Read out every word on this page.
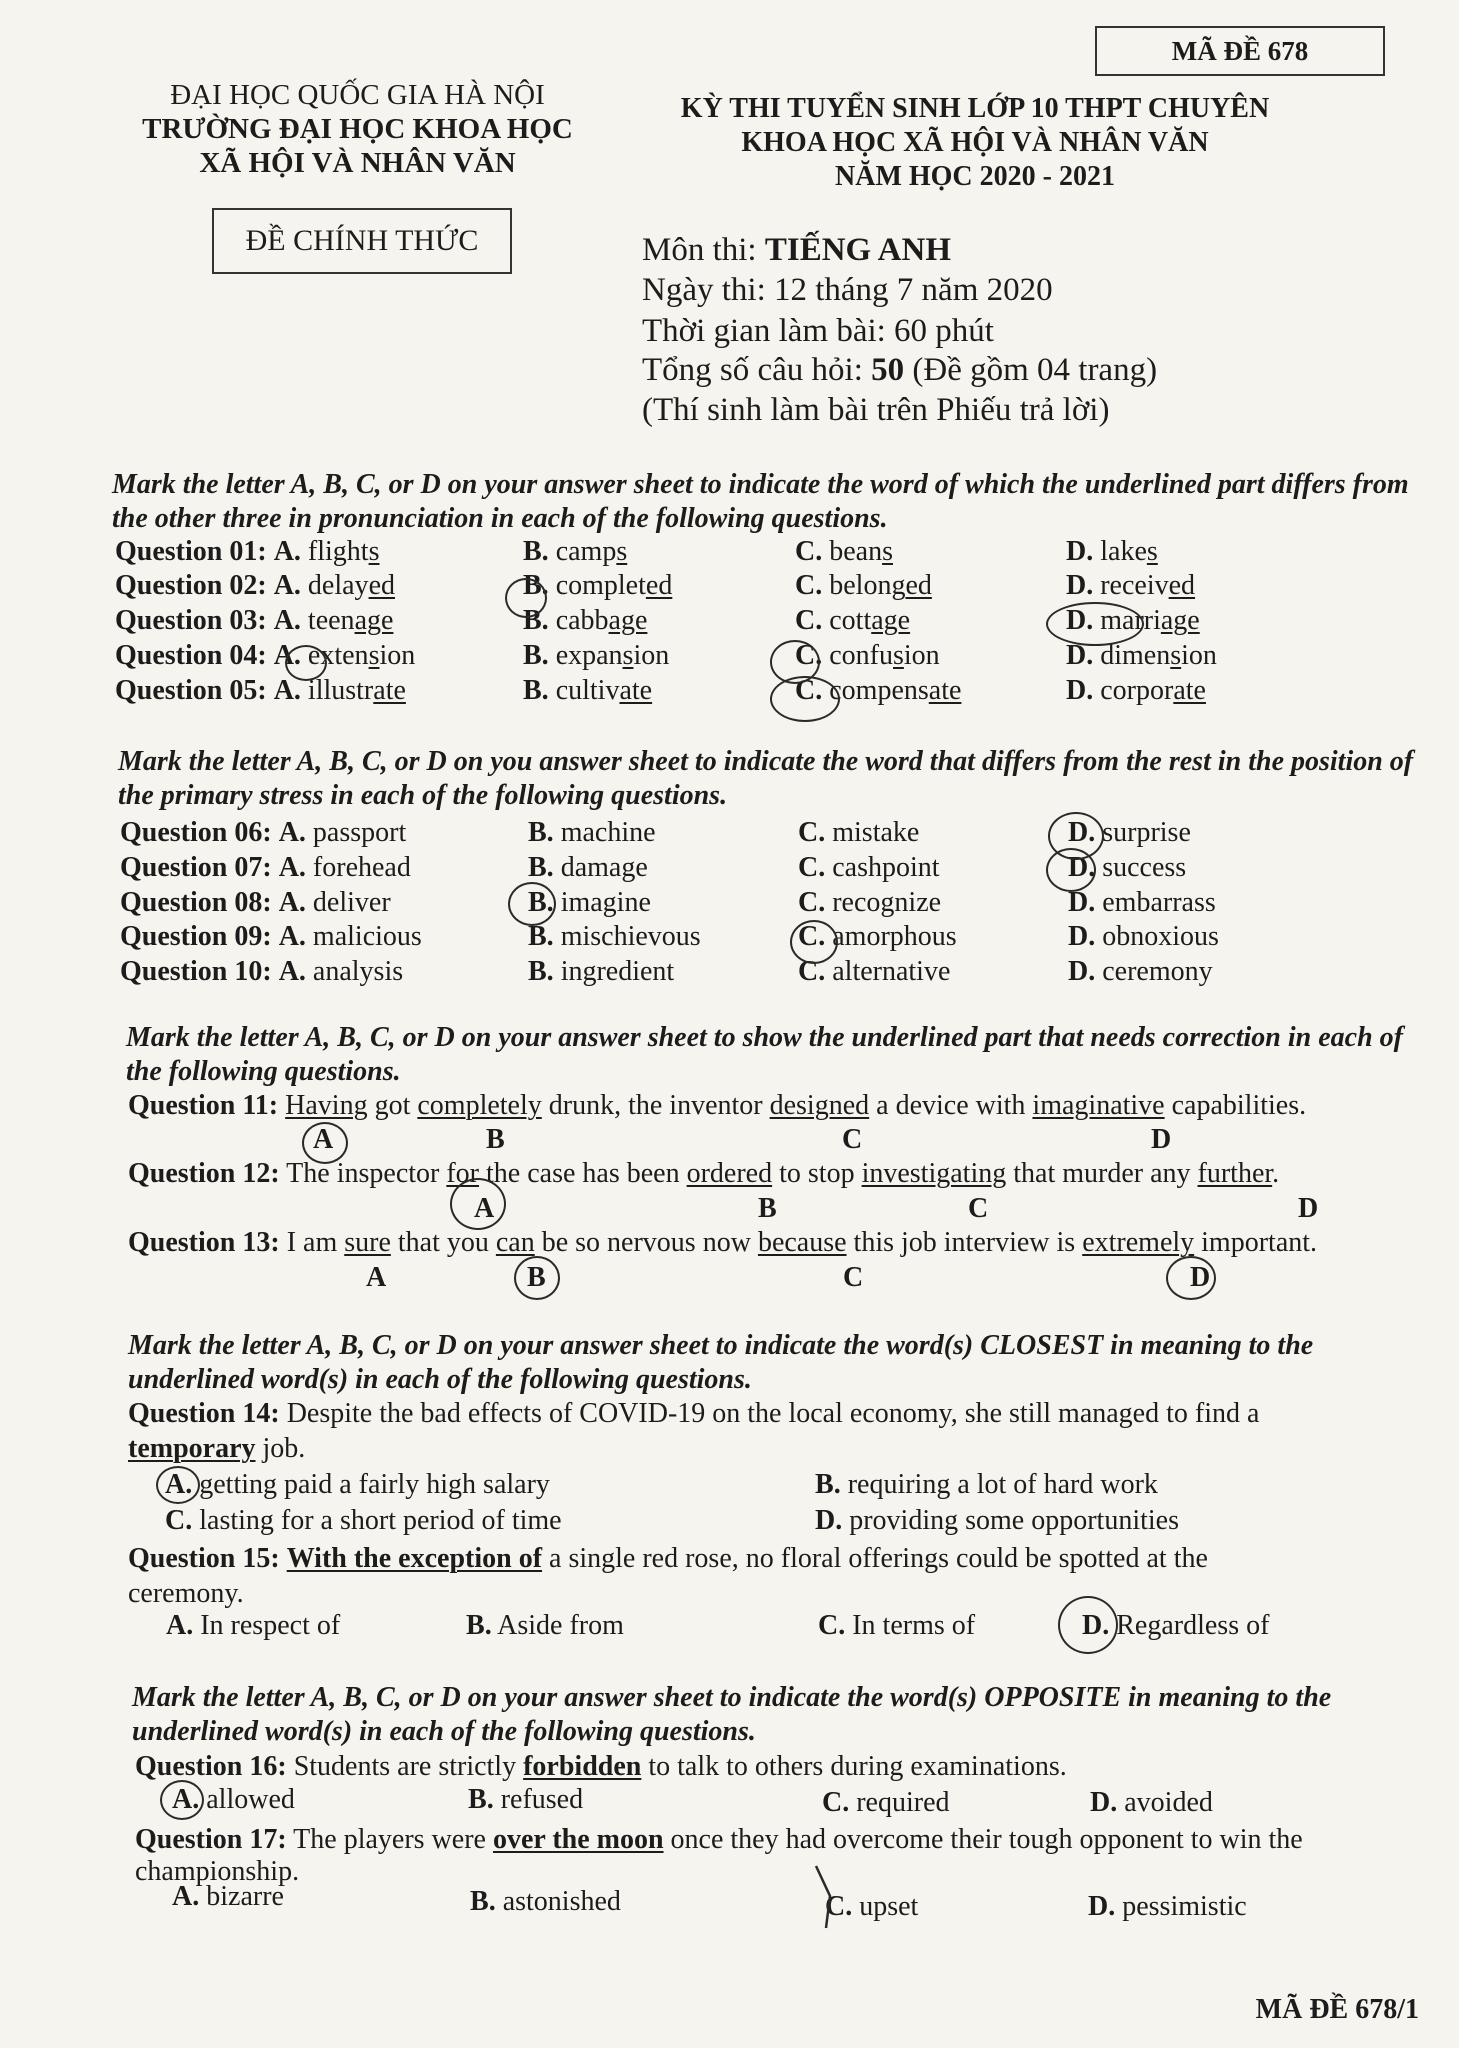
MÃ ĐỀ 678
ĐẠI HỌC QUỐC GIA HÀ NỘI
TRƯỜNG ĐẠI HỌC KHOA HỌC
XÃ HỘI VÀ NHÂN VĂN
KỲ THI TUYỂN SINH LỚP 10 THPT CHUYÊN
KHOA HỌC XÃ HỘI VÀ NHÂN VĂN
NĂM HỌC 2020 - 2021
ĐỀ CHÍNH THỨC	Môn thi: TIẾNG ANH
Ngày thi: 12 tháng 7 năm 2020
Thời gian làm bài: 60 phút
Tổng số câu hỏi: 50 (Đề gồm 04 trang)
(Thí sinh làm bài trên Phiếu trả lời)
Mark the letter A, B, C, or D on your answer sheet to indicate the word of which the underlined part differs from the other three in pronunciation in each of the following questions.
Question 01: A. flights	B. camps	C. beans	D. lakes
Question 02: A. delayed	B. completed	C. belonged	D. received
Question 03: A. teenage	B. cabbage	C. cottage	D. marriage
Question 04: A. extension	B. expansion	C. confusion	D. dimension
Question 05: A. illustrate	B. cultivate	C. compensate	D. corporate
Mark the letter A, B, C, or D on you answer sheet to indicate the word that differs from the rest in the position of the primary stress in each of the following questions.
Question 06: A. passport	B. machine	C. mistake	D. surprise
Question 07: A. forehead	B. damage	C. cashpoint	D. success
Question 08: A. deliver	B. imagine	C. recognize	D. embarrass
Question 09: A. malicious	B. mischievous	C. amorphous	D. obnoxious
Question 10: A. analysis	B. ingredient	C. alternative	D. ceremony
Mark the letter A, B, C, or D on your answer sheet to show the underlined part that needs correction in each of the following questions.
Question 11: Having got completely drunk, the inventor designed a device with imaginative capabilities.
A	B	C	D
Question 12: The inspector for the case has been ordered to stop investigating that murder any further.
A	B	C	D
Question 13: I am sure that you can be so nervous now because this job interview is extremely important.
A	B	C	D
Mark the letter A, B, C, or D on your answer sheet to indicate the word(s) CLOSEST in meaning to the underlined word(s) in each of the following questions.
Question 14: Despite the bad effects of COVID-19 on the local economy, she still managed to find a
temporary job.
A. getting paid a fairly high salary	B. requiring a lot of hard work
C. lasting for a short period of time	D. providing some opportunities
Question 15: With the exception of a single red rose, no floral offerings could be spotted at the
ceremony.
A. In respect of	B. Aside from	C. In terms of	D. Regardless of
Mark the letter A, B, C, or D on your answer sheet to indicate the word(s) OPPOSITE in meaning to the underlined word(s) in each of the following questions.
Question 16: Students are strictly forbidden to talk to others during examinations.
A. allowed	B. refused	C. required	D. avoided
Question 17: The players were over the moon once they had overcome their tough opponent to win the
championship.
A. bizarre	B. astonished	C. upset	D. pessimistic
MÃ ĐỀ 678/1
